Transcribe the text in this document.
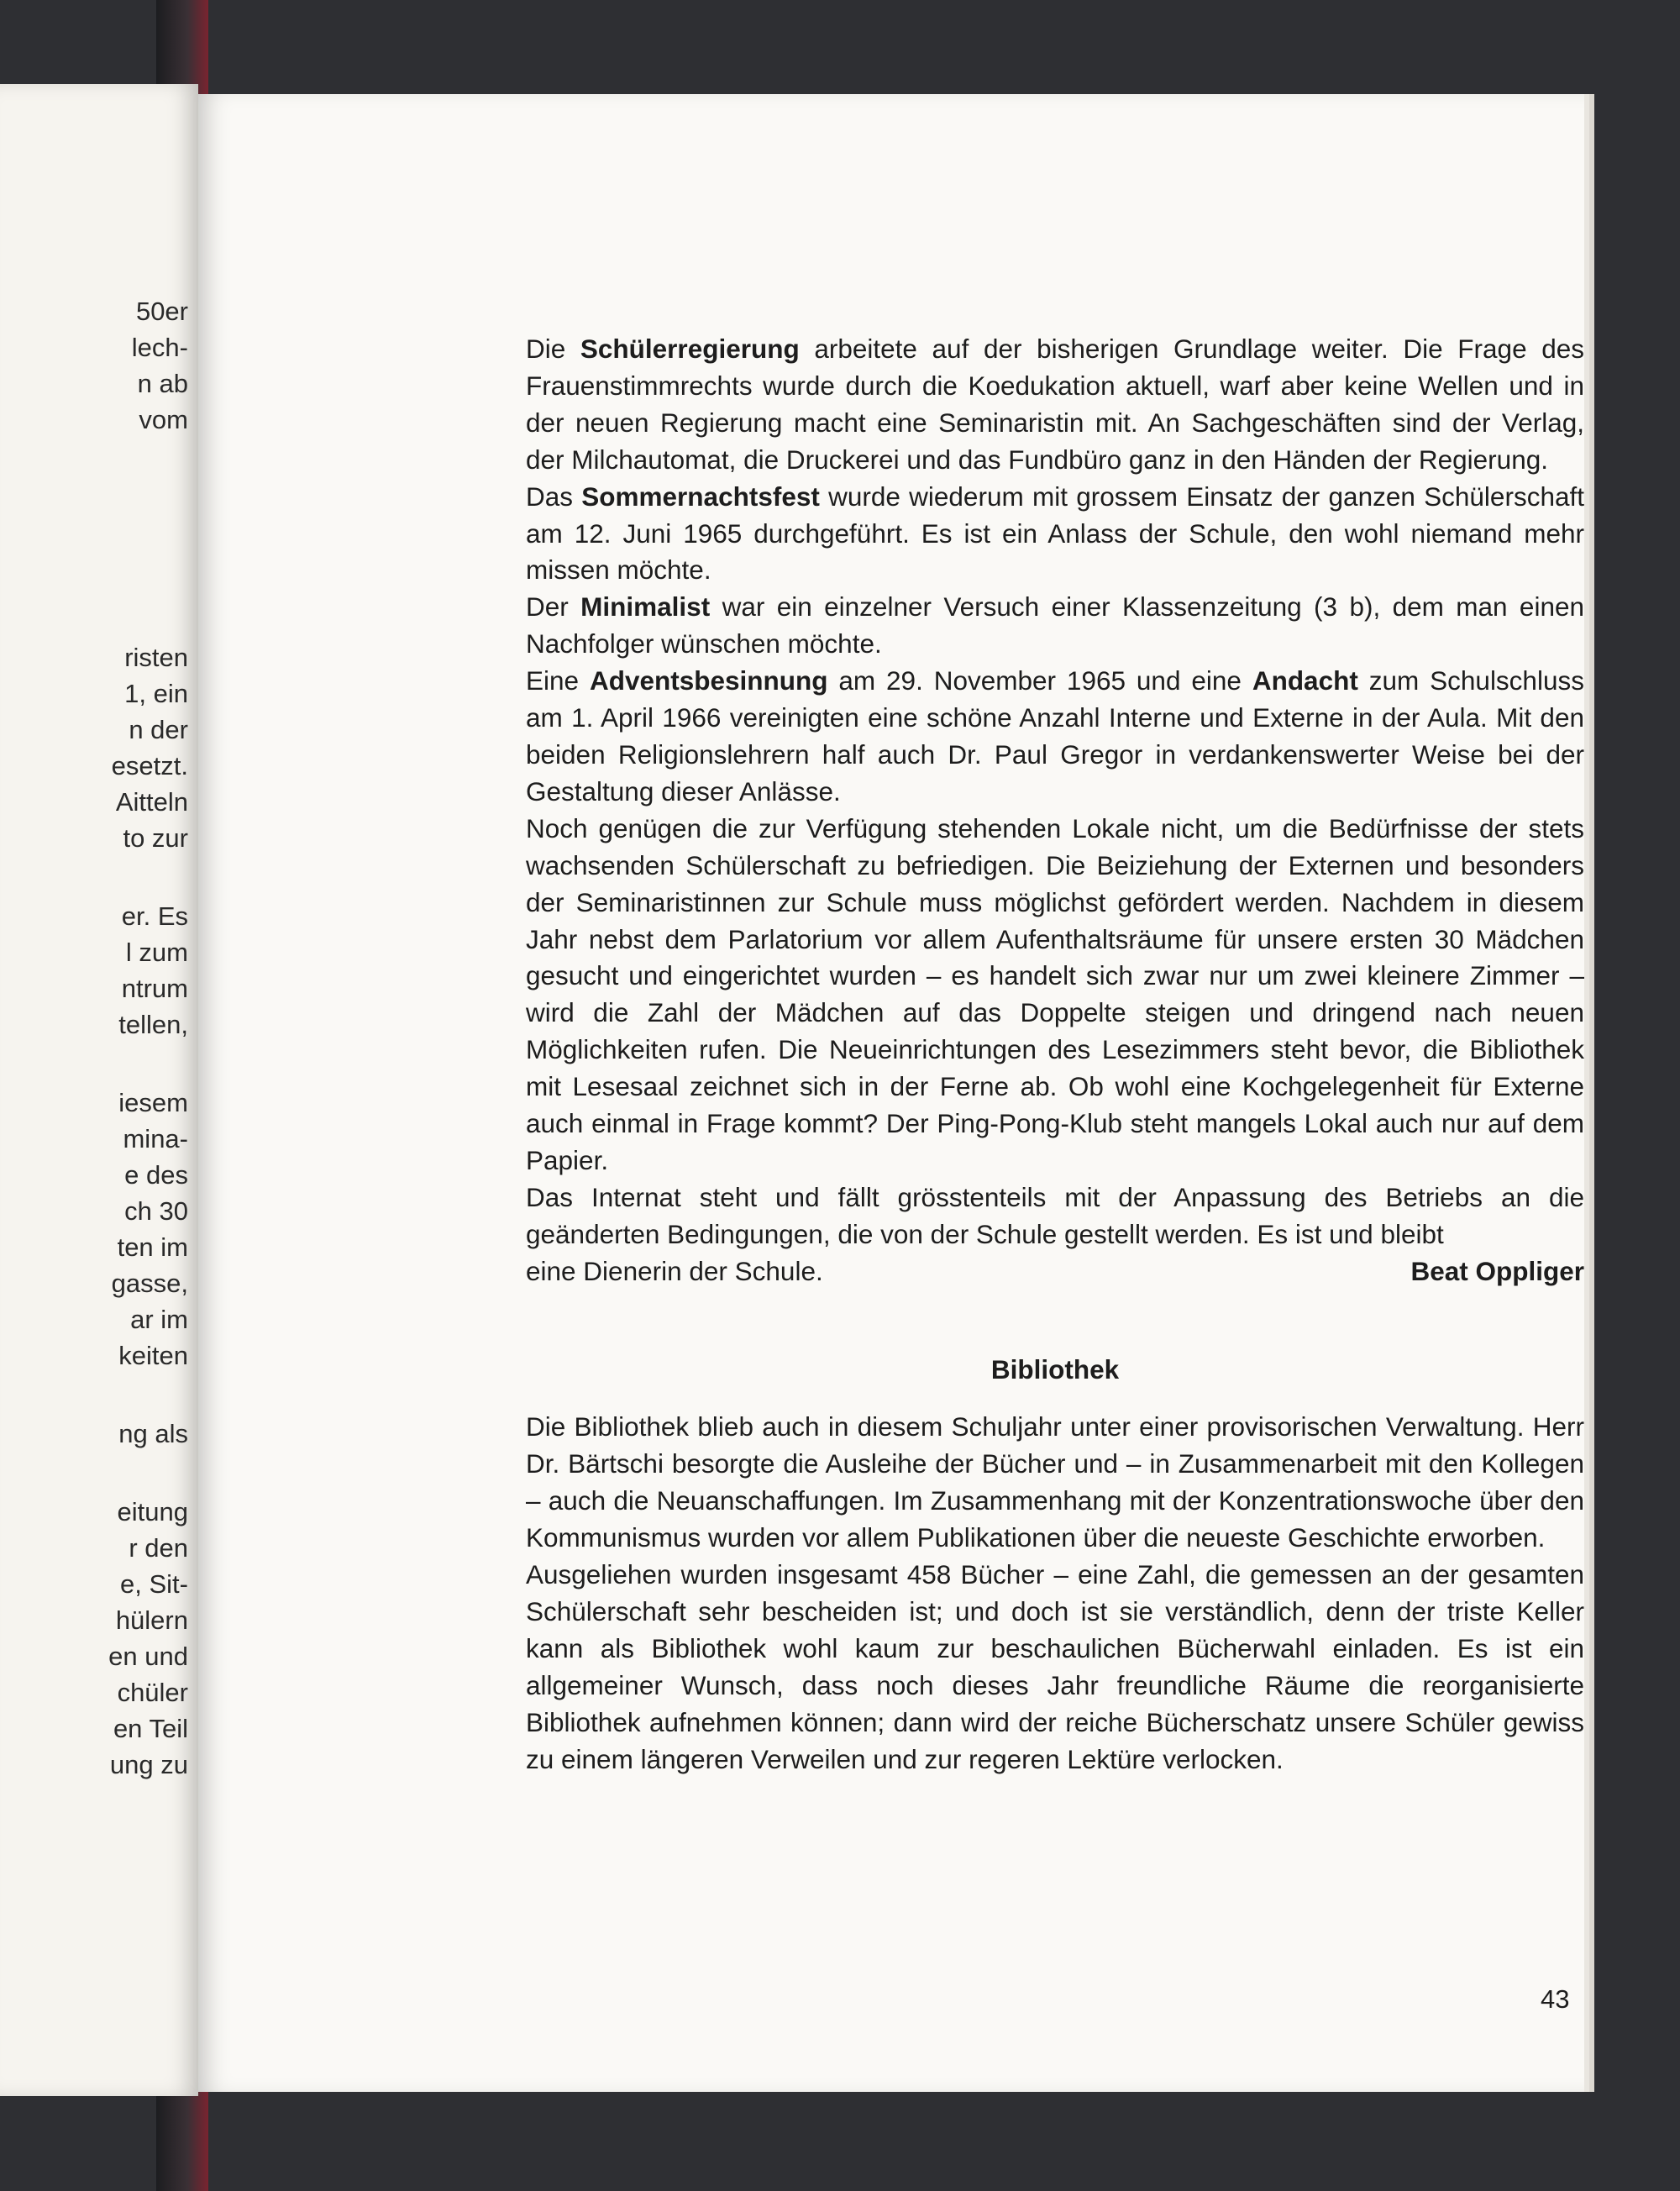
50er
lech-
n ab
vom
risten
1, ein
n der
esetzt.
Aitteln
to zur
er. Es
l zum
ntrum
tellen,
iesem
mina-
e des
ch 30
ten im
gasse,
ar im
keiten
ng als
eitung
r den
e, Sit-
hülern
en und
chüler
en Teil
ung zu

Die Schülerregierung arbeitete auf der bisherigen Grundlage weiter. Die Frage des Frauenstimmrechts wurde durch die Koedukation aktuell, warf aber keine Wellen und in der neuen Regierung macht eine Seminaristin mit. An Sachgeschäften sind der Verlag, der Milchautomat, die Druckerei und das Fundbüro ganz in den Händen der Regierung.

Das Sommernachtsfest wurde wiederum mit grossem Einsatz der ganzen Schülerschaft am 12. Juni 1965 durchgeführt. Es ist ein Anlass der Schule, den wohl niemand mehr missen möchte.

Der Minimalist war ein einzelner Versuch einer Klassenzeitung (3 b), dem man einen Nachfolger wünschen möchte.

Eine Adventsbesinnung am 29. November 1965 und eine Andacht zum Schulschluss am 1. April 1966 vereinigten eine schöne Anzahl Interne und Externe in der Aula. Mit den beiden Religionslehrern half auch Dr. Paul Gregor in verdankenswerter Weise bei der Gestaltung dieser Anlässe.

Noch genügen die zur Verfügung stehenden Lokale nicht, um die Bedürfnisse der stets wachsenden Schülerschaft zu befriedigen. Die Beiziehung der Externen und besonders der Seminaristinnen zur Schule muss möglichst gefördert werden. Nachdem in diesem Jahr nebst dem Parlatorium vor allem Aufenthaltsräume für unsere ersten 30 Mädchen gesucht und eingerichtet wurden – es handelt sich zwar nur um zwei kleinere Zimmer – wird die Zahl der Mädchen auf das Doppelte steigen und dringend nach neuen Möglichkeiten rufen. Die Neueinrichtungen des Lesezimmers steht bevor, die Bibliothek mit Lesesaal zeichnet sich in der Ferne ab. Ob wohl eine Kochgelegenheit für Externe auch einmal in Frage kommt? Der Ping-Pong-Klub steht mangels Lokal auch nur auf dem Papier.

Das Internat steht und fällt grösstenteils mit der Anpassung des Betriebs an die geänderten Bedingungen, die von der Schule gestellt werden. Es ist und bleibt

eine Dienerin der Schule.	Beat Oppliger
Bibliothek

Die Bibliothek blieb auch in diesem Schuljahr unter einer provisorischen Verwaltung. Herr Dr. Bärtschi besorgte die Ausleihe der Bücher und – in Zusammenarbeit mit den Kollegen – auch die Neuanschaffungen. Im Zusammenhang mit der Konzentrationswoche über den Kommunismus wurden vor allem Publikationen über die neueste Geschichte erworben.

Ausgeliehen wurden insgesamt 458 Bücher – eine Zahl, die gemessen an der gesamten Schülerschaft sehr bescheiden ist; und doch ist sie verständlich, denn der triste Keller kann als Bibliothek wohl kaum zur beschaulichen Bücherwahl einladen. Es ist ein allgemeiner Wunsch, dass noch dieses Jahr freundliche Räume die reorganisierte Bibliothek aufnehmen können; dann wird der reiche Bücherschatz unsere Schüler gewiss zu einem längeren Verweilen und zur regeren Lektüre verlocken.

43
